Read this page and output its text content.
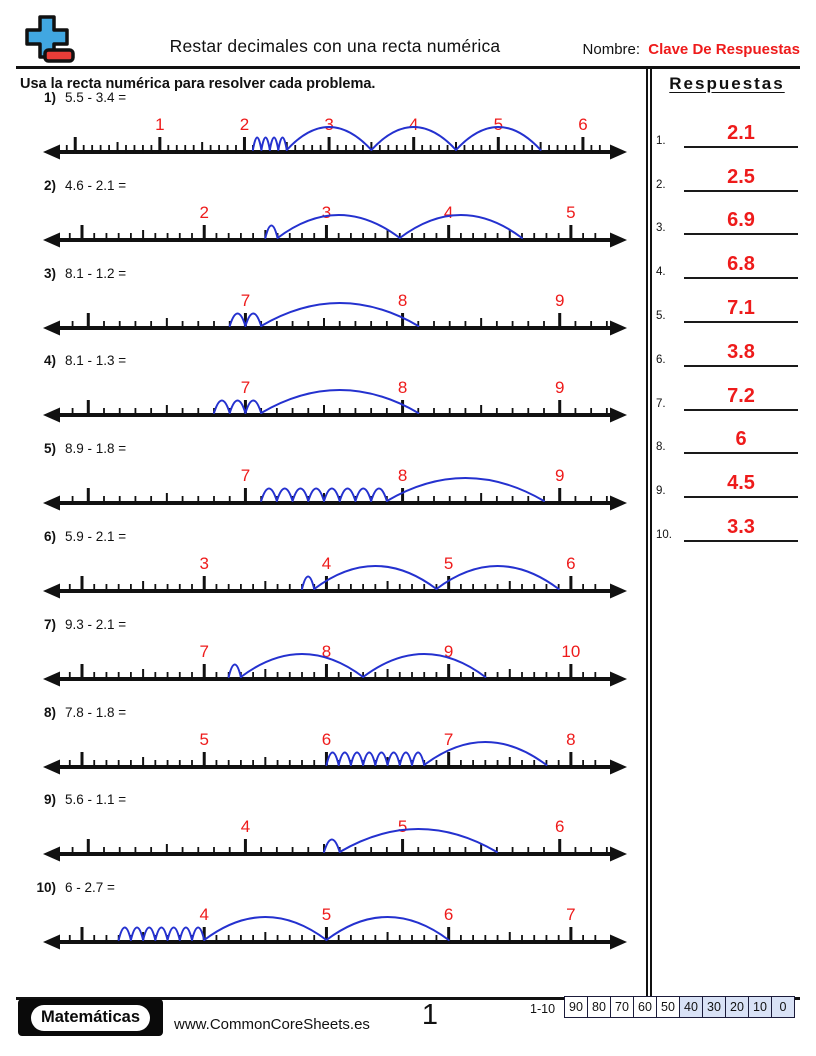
Restar decimales con una recta numérica	Nombre: Clave De Respuestas
Usa la recta numérica para resolver cada problema.
1) 5.5 - 3.4 =
1	2	3	4	5	6
2) 4.6 - 2.1 =
2	3	4	5
3) 8.1 - 1.2 =
7	8	9
4) 8.1 - 1.3 =
7	8	9
5) 8.9 - 1.8 =
7	8	9
6) 5.9 - 2.1 =
3	4	5	6
7) 9.3 - 2.1 =
7	8	9	10
8) 7.8 - 1.8 =
5	6	7	8
9) 5.6 - 1.1 =
4	5	6
10) 6 - 2.7 =
4	5	6	7
Respuestas
1.	2.1
2.	2.5
3.	6.9
4.	6.8
5.	7.1
6.	3.8
7.	7.2
8.	6
9.	4.5
10.	3.3
Matemáticas	www.CommonCoreSheets.es	1	1-10 90	80	70	60	50	40	30	20	10	0
